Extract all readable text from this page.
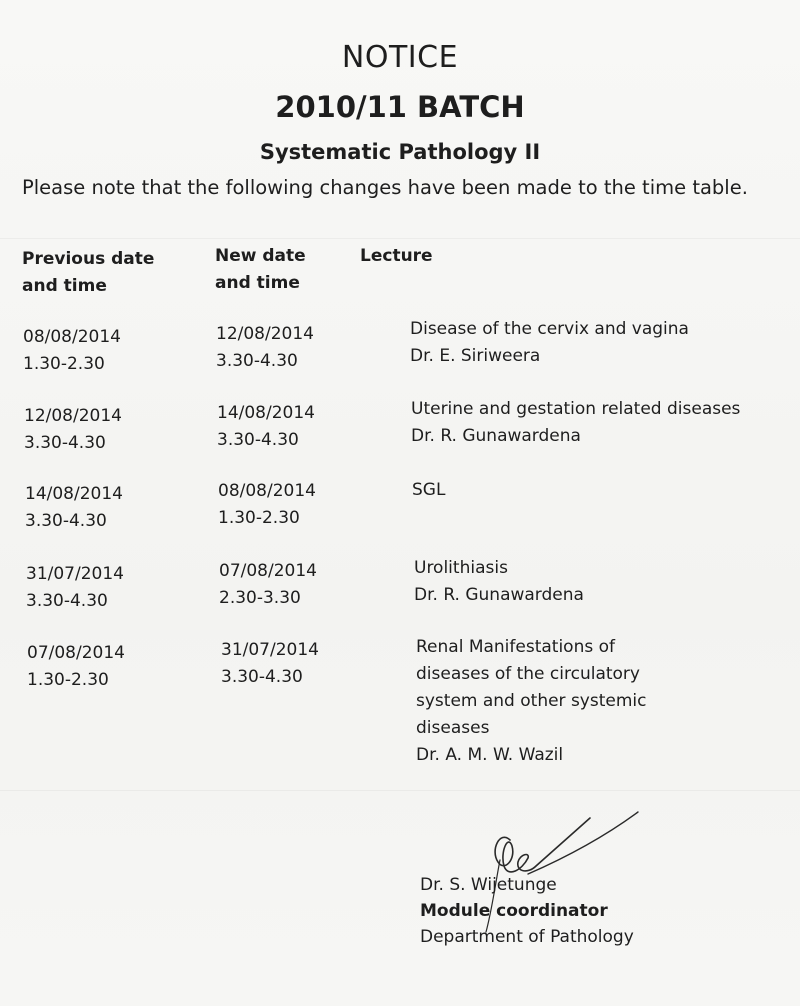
NOTICE
2010/11 BATCH
Systematic Pathology II
Please note that the following changes have been made to the time table.
Previous date
and time
New date
and time
Lecture
08/08/2014
1.30-2.30
12/08/2014
3.30-4.30
Disease of the cervix and vagina
Dr. E. Siriweera
12/08/2014
3.30-4.30
14/08/2014
3.30-4.30
Uterine and gestation related diseases
Dr. R. Gunawardena
14/08/2014
3.30-4.30
08/08/2014
1.30-2.30
SGL
31/07/2014
3.30-4.30
07/08/2014
2.30-3.30
Urolithiasis
Dr. R. Gunawardena
07/08/2014
1.30-2.30
31/07/2014
3.30-4.30
Renal Manifestations of
diseases of the circulatory
system and other systemic
diseases
Dr. A. M. W. Wazil
Dr. S. Wijetunge
Module coordinator
Department of Pathology
